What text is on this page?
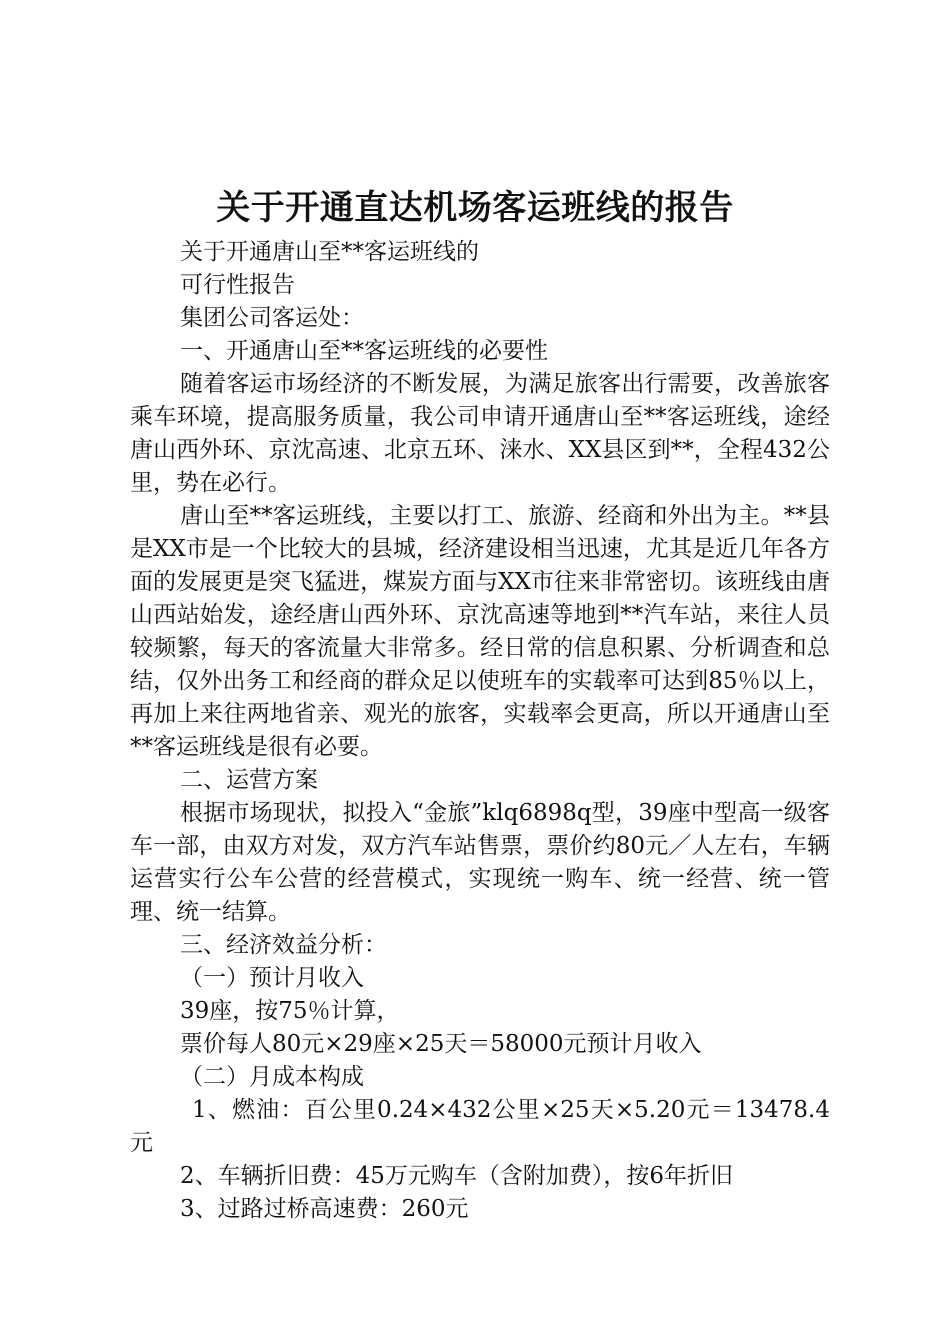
关于开通直达机场客运班线的报告

关于开通唐山至**客运班线的

可行性报告

集团公司客运处：

一、开通唐山至**客运班线的必要性

随着客运市场经济的不断发展，为满足旅客出行需要，改善旅客乘车环境，提高服务质量，我公司申请开通唐山至**客运班线，途经唐山西外环、京沈高速、北京五环、涞水、XX县区到**，全程432公里，势在必行。

唐山至**客运班线，主要以打工、旅游、经商和外出为主。**县是XX市是一个比较大的县城，经济建设相当迅速，尤其是近几年各方面的发展更是突飞猛进，煤炭方面与XX市往来非常密切。该班线由唐山西站始发，途经唐山西外环、京沈高速等地到**汽车站，来往人员较频繁，每天的客流量大非常多。经日常的信息积累、分析调查和总结，仅外出务工和经商的群众足以使班车的实载率可达到85％以上，再加上来往两地省亲、观光的旅客，实载率会更高，所以开通唐山至**客运班线是很有必要。

二、运营方案

根据市场现状，拟投入“金旅”klq6898q型，39座中型高一级客车一部，由双方对发，双方汽车站售票，票价约80元／人左右，车辆运营实行公车公营的经营模式，实现统一购车、统一经营、统一管理、统一结算。

三、经济效益分析：

（一）预计月收入

39座，按75％计算，

票价每人80元×29座×25天＝58000元预计月收入

（二）月成本构成

1、燃油：百公里0.24×432公里×25天×5.20元＝13478.4元

2、车辆折旧费：45万元购车（含附加费），按6年折旧

3、过路过桥高速费：260元
